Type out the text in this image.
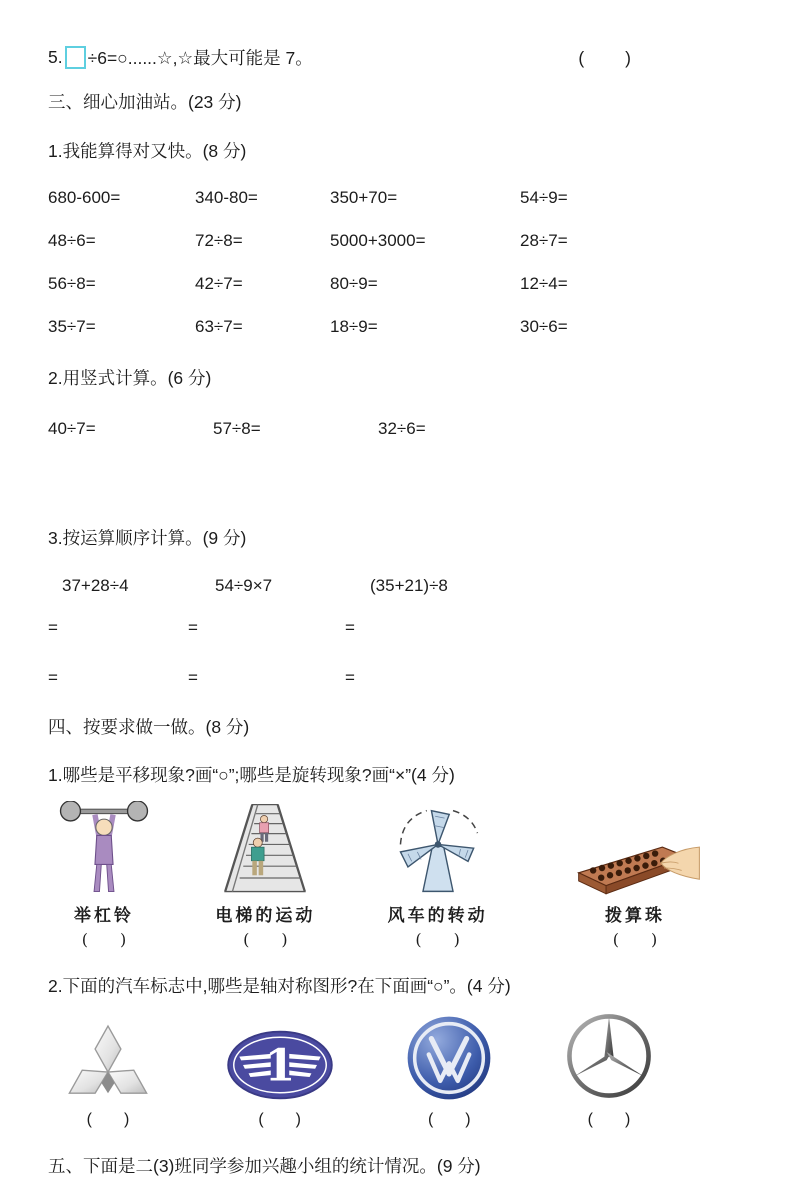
5. ÷6=○......☆,☆最大可能是 7。	(　　)
三、细心加油站。(23 分)
1.我能算得对又快。(8 分)
680-600=	340-80=	350+70=	54÷9=
48÷6=	72÷8=	5000+3000=	28÷7=
56÷8=	42÷7=	80÷9=	12÷4=
35÷7=	63÷7=	18÷9=	30÷6=
2.用竖式计算。(6 分)
40÷7=	57÷8=	32÷6=
3.按运算顺序计算。(9 分)
37+28÷4	54÷9×7	(35+21)÷8
=	=	=
=	=	=
四、按要求做一做。(8 分)
1.哪些是平移现象?画“○”;哪些是旋转现象?画“×”(4 分)
举杠铃
(　　)
电梯的运动
(　　)
风车的转动
(　　)
拨算珠
(　　)
2.下面的汽车标志中,哪些是轴对称图形?在下面画“○”。(4 分)
(　　)
1
(　　)	(　　)	(　　)
五、下面是二(3)班同学参加兴趣小组的统计情况。(9 分)
